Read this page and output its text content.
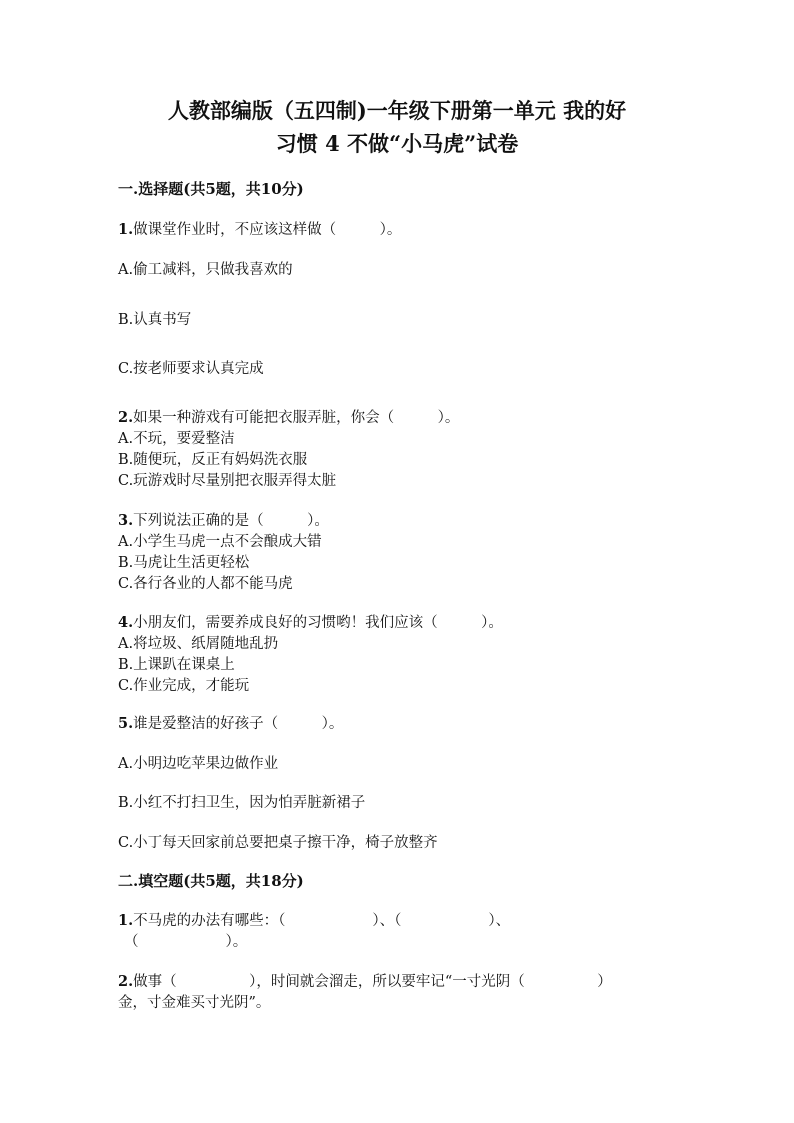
人教部编版（五四制)一年级下册第一单元 我的好
习惯 4 不做“小马虎”试卷
一.选择题(共5题，共10分)
1.做课堂作业时，不应该这样做（　　　）。
A.偷工减料，只做我喜欢的
B.认真书写
C.按老师要求认真完成
2.如果一种游戏有可能把衣服弄脏，你会（　　　）。
A.不玩，要爱整洁
B.随便玩，反正有妈妈洗衣服
C.玩游戏时尽量别把衣服弄得太脏
3.下列说法正确的是（　　　）。
A.小学生马虎一点不会酿成大错
B.马虎让生活更轻松
C.各行各业的人都不能马虎
4.小朋友们，需要养成良好的习惯哟！我们应该（　　　）。
A.将垃圾、纸屑随地乱扔
B.上课趴在课桌上
C.作业完成，才能玩
5.谁是爱整洁的好孩子（　　　）。
A.小明边吃苹果边做作业
B.小红不打扫卫生，因为怕弄脏新裙子
C.小丁每天回家前总要把桌子擦干净，椅子放整齐
二.填空题(共5题，共18分)
1.不马虎的办法有哪些：（　　　　　　）、（　　　　　　）、
（　　　　　　）。
2.做事（　　　　　），时间就会溜走，所以要牢记“一寸光阴（　　　　　）
金，寸金难买寸光阴”。
